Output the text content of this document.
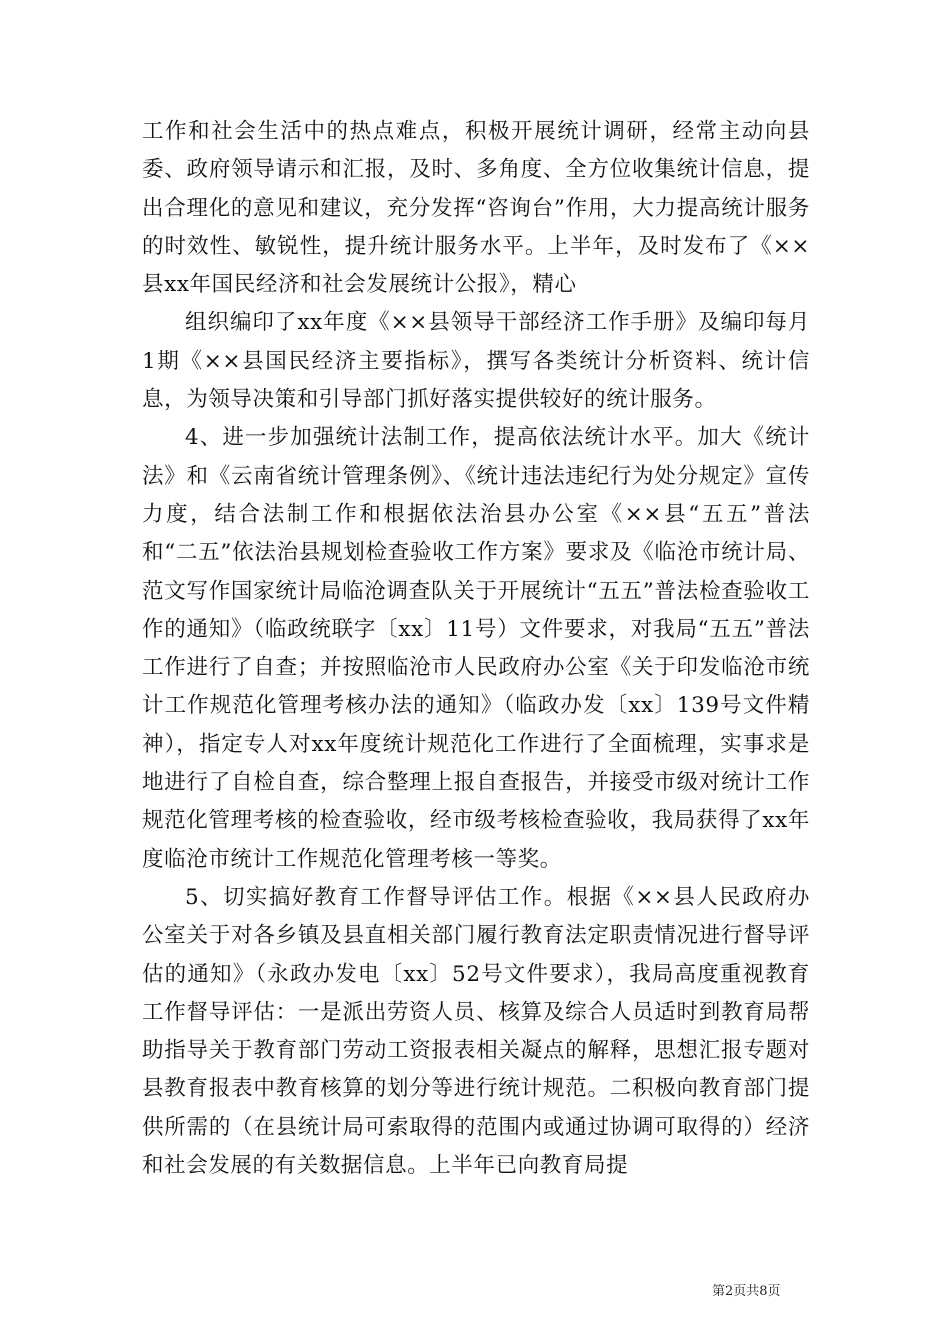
工作和社会生活中的热点难点，积极开展统计调研，经常主动向县委、政府领导请示和汇报，及时、多角度、全方位收集统计信息，提出合理化的意见和建议，充分发挥“咨询台”作用，大力提高统计服务的时效性、敏锐性，提升统计服务水平。上半年，及时发布了《××县xx年国民经济和社会发展统计公报》，精心

组织编印了xx年度《××县领导干部经济工作手册》及编印每月1期《××县国民经济主要指标》，撰写各类统计分析资料、统计信息，为领导决策和引导部门抓好落实提供较好的统计服务。

4、进一步加强统计法制工作，提高依法统计水平。加大《统计法》和《云南省统计管理条例》、《统计违法违纪行为处分规定》宣传力度，结合法制工作和根据依法治县办公室《××县“五五”普法和“二五”依法治县规划检查验收工作方案》要求及《临沧市统计局、范文写作国家统计局临沧调查队关于开展统计“五五”普法检查验收工作的通知》（临政统联字〔xx〕11号）文件要求，对我局“五五”普法工作进行了自查；并按照临沧市人民政府办公室《关于印发临沧市统计工作规范化管理考核办法的通知》（临政办发〔xx〕139号文件精神），指定专人对xx年度统计规范化工作进行了全面梳理，实事求是地进行了自检自查，综合整理上报自查报告，并接受市级对统计工作规范化管理考核的检查验收，经市级考核检查验收，我局获得了xx年度临沧市统计工作规范化管理考核一等奖。

5、切实搞好教育工作督导评估工作。根据《××县人民政府办公室关于对各乡镇及县直相关部门履行教育法定职责情况进行督导评估的通知》（永政办发电〔xx〕52号文件要求），我局高度重视教育工作督导评估：一是派出劳资人员、核算及综合人员适时到教育局帮助指导关于教育部门劳动工资报表相关凝点的解释，思想汇报专题对县教育报表中教育核算的划分等进行统计规范。二积极向教育部门提供所需的（在县统计局可索取得的范围内或通过协调可取得的）经济和社会发展的有关数据信息。上半年已向教育局提

第2页共8页
